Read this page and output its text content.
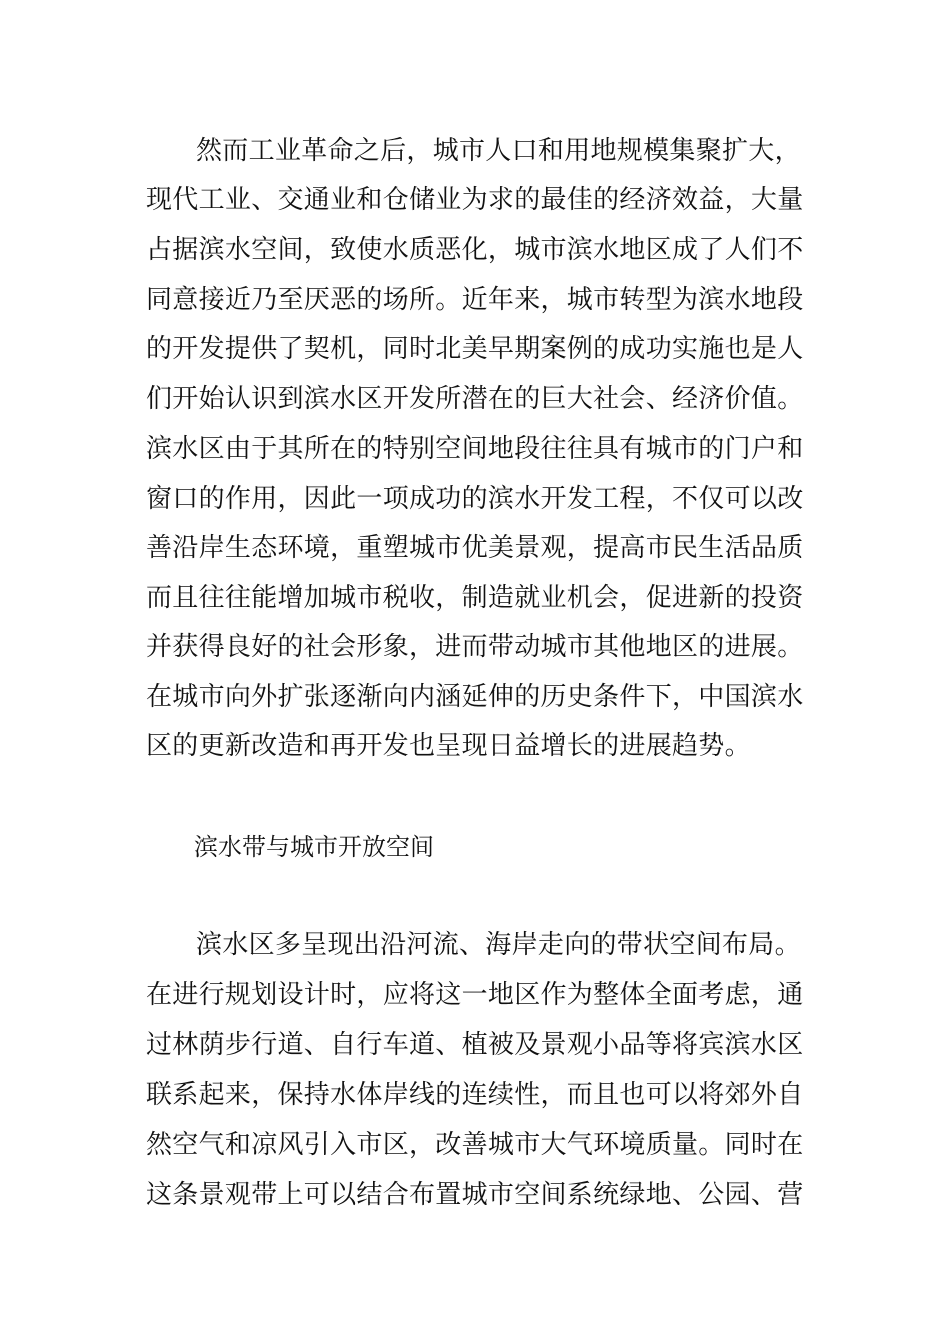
然而工业革命之后，城市人口和用地规模集聚扩大，
现代工业、交通业和仓储业为求的最佳的经济效益，大量
占据滨水空间，致使水质恶化，城市滨水地区成了人们不
同意接近乃至厌恶的场所。近年来，城市转型为滨水地段
的开发提供了契机，同时北美早期案例的成功实施也是人
们开始认识到滨水区开发所潜在的巨大社会、经济价值。
滨水区由于其所在的特别空间地段往往具有城市的门户和
窗口的作用，因此一项成功的滨水开发工程，不仅可以改
善沿岸生态环境，重塑城市优美景观，提高市民生活品质
而且往往能增加城市税收，制造就业机会，促进新的投资
并获得良好的社会形象，进而带动城市其他地区的进展。
在城市向外扩张逐渐向内涵延伸的历史条件下，中国滨水
区的更新改造和再开发也呈现日益增长的进展趋势。
滨水带与城市开放空间
滨水区多呈现出沿河流、海岸走向的带状空间布局。
在进行规划设计时，应将这一地区作为整体全面考虑，通
过林荫步行道、自行车道、植被及景观小品等将宾滨水区
联系起来，保持水体岸线的连续性，而且也可以将郊外自
然空气和凉风引入市区，改善城市大气环境质量。同时在
这条景观带上可以结合布置城市空间系统绿地、公园、营
